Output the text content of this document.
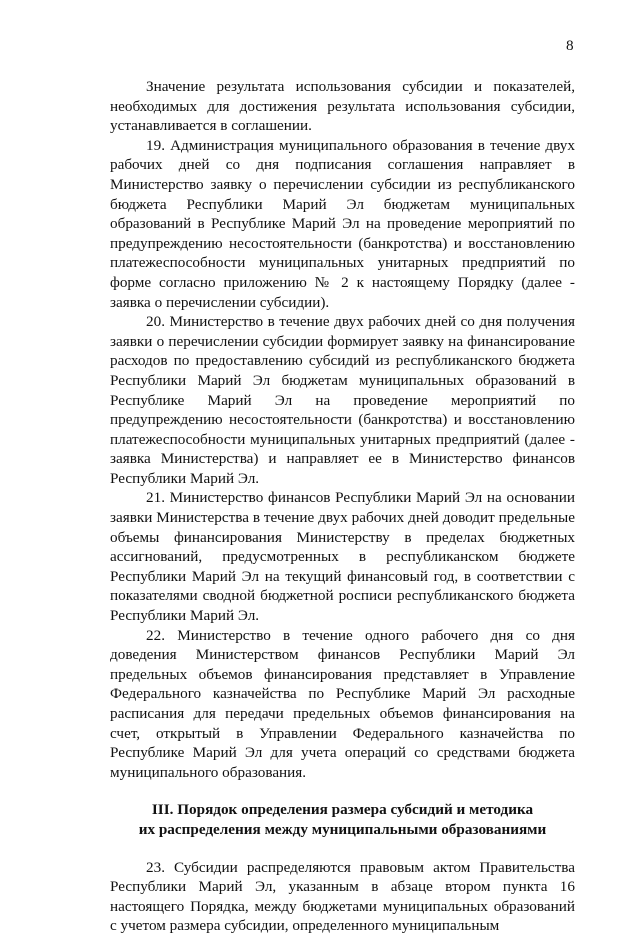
8

Значение результата использования субсидии и показателей, необходимых для достижения результата использования субсидии, устанавливается в соглашении.

19. Администрация муниципального образования в течение двух рабочих дней со дня подписания соглашения направляет в Министерство заявку о перечислении субсидии из республиканского бюджета Республики Марий Эл бюджетам муниципальных образований в Республике Марий Эл на проведение мероприятий по предупреждению несостоятельности (банкротства) и восстановлению платежеспособности муниципальных унитарных предприятий по форме согласно приложению № 2 к настоящему Порядку (далее - заявка о перечислении субсидии).

20. Министерство в течение двух рабочих дней со дня получения заявки о перечислении субсидии формирует заявку на финансирование расходов по предоставлению субсидий из республиканского бюджета Республики Марий Эл бюджетам муниципальных образований в Республике Марий Эл на проведение мероприятий по предупреждению несостоятельности (банкротства) и восстановлению платежеспособности муниципальных унитарных предприятий (далее - заявка Министерства) и направляет ее в Министерство финансов Республики Марий Эл.

21. Министерство финансов Республики Марий Эл на основании заявки Министерства в течение двух рабочих дней доводит предельные объемы финансирования Министерству в пределах бюджетных ассигнований, предусмотренных в республиканском бюджете Республики Марий Эл на текущий финансовый год, в соответствии с показателями сводной бюджетной росписи республиканского бюджета Республики Марий Эл.

22. Министерство в течение одного рабочего дня со дня доведения Министерством финансов Республики Марий Эл предельных объемов финансирования представляет в Управление Федерального казначейства по Республике Марий Эл расходные расписания для передачи предельных объемов финансирования на счет, открытый в Управлении Федерального казначейства по Республике Марий Эл для учета операций со средствами бюджета муниципального образования.

III. Порядок определения размера субсидий и методика
их распределения между муниципальными образованиями

23. Субсидии распределяются правовым актом Правительства Республики Марий Эл, указанным в абзаце втором пункта 16 настоящего Порядка, между бюджетами муниципальных образований с учетом размера субсидии, определенного муниципальным
